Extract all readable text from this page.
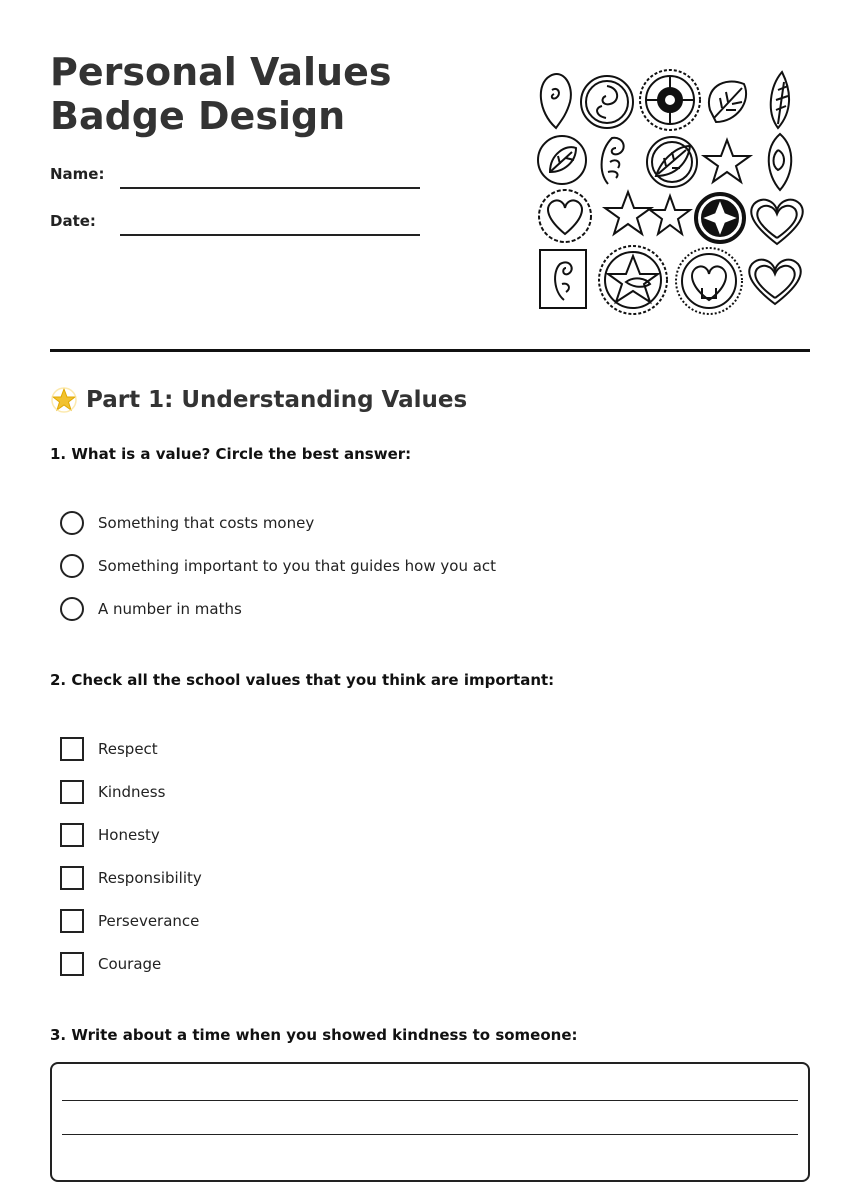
Personal Values Badge Design
Name:
Date:
Part 1: Understanding Values

1. What is a value? Circle the best answer:

Something that costs money
Something important to you that guides how you act
A number in maths

2. Check all the school values that you think are important:

Respect
Kindness
Honesty
Responsibility
Perseverance
Courage

3. Write about a time when you showed kindness to someone:
